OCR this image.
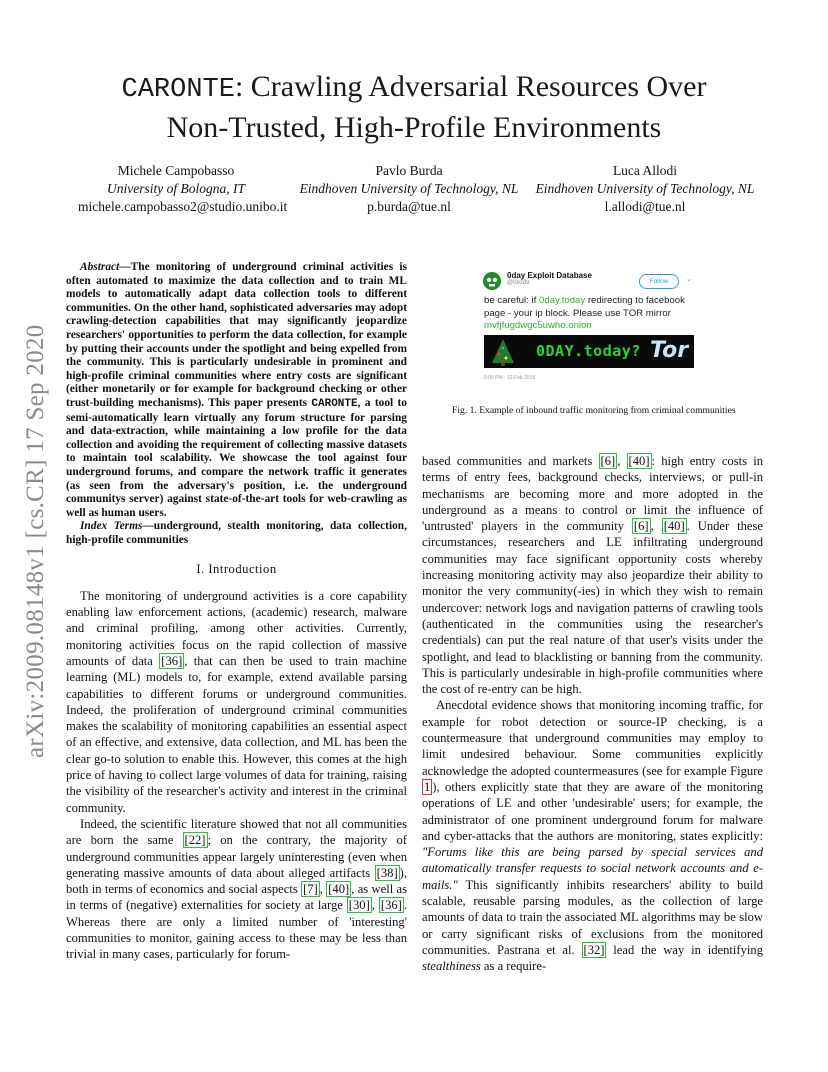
CARONTE: Crawling Adversarial Resources Over
Non-Trusted, High-Profile Environments
Michele Campobasso
University of Bologna, IT
michele.campobasso2@studio.unibo.it
Pavlo Burda
Eindhoven University of Technology, NL
p.burda@tue.nl
Luca Allodi
Eindhoven University of Technology, NL
l.allodi@tue.nl
arXiv:2009.08148v1 [cs.CR] 17 Sep 2020

Abstract—The monitoring of underground criminal activities is often automated to maximize the data collection and to train ML models to automatically adapt data collection tools to different communities. On the other hand, sophisticated adversaries may adopt crawling-detection capabilities that may significantly jeopardize researchers' opportunities to perform the data collection, for example by putting their accounts under the spotlight and being expelled from the community. This is particularly undesirable in prominent and high-profile criminal communities where entry costs are significant (either monetarily or for example for background checking or other trust-building mechanisms). This paper presents CARONTE, a tool to semi-automatically learn virtually any forum structure for parsing and data-extraction, while maintaining a low profile for the data collection and avoiding the requirement of collecting massive datasets to maintain tool scalability. We showcase the tool against four underground forums, and compare the network traffic it generates (as seen from the adversary's position, i.e. the underground communitys server) against state-of-the-art tools for web-crawling as well as human users.

Index Terms—underground, stealth monitoring, data collection, high-profile communities

I. Introduction

The monitoring of underground activities is a core capability enabling law enforcement actions, (academic) research, malware and criminal profiling, among other activities. Currently, monitoring activities focus on the rapid collection of massive amounts of data [36] , that can then be used to train machine learning (ML) models to, for example, extend available parsing capabilities to different forums or underground communities. Indeed, the proliferation of underground criminal communities makes the scalability of monitoring capabilities an essential aspect of an effective, and extensive, data collection, and ML has been the clear go-to solution to enable this. However, this comes at the high price of having to collect large volumes of data for training, raising the visibility of the researcher's activity and interest in the criminal community.

Indeed, the scientific literature showed that not all communities are born the same [22] ; on the contrary, the majority of underground communities appear largely uninteresting (even when generating massive amounts of data about alleged artifacts [38] ), both in terms of economics and social aspects [7] , [40] , as well as in terms of (negative) externalities for society at large [30] , [36] . Whereas there are only a limited number of 'interesting' communities to monitor, gaining access to these may be less than trivial in many cases, particularly for forum-

0day Exploit Database
@0x0d9	Follow	⌄
be careful: if 0day.today redirecting to facebook page - your ip block. Please use TOR mirror mvfjfugdwgc5uwho.onion
0DAY.today? Tor
6:05 PM - 12 Feb 2018
Fig. 1. Example of inbound traffic monitoring from criminal communities

based communities and markets [6] , [40] : high entry costs in terms of entry fees, background checks, interviews, or pull-in mechanisms are becoming more and more adopted in the underground as a means to control or limit the influence of 'untrusted' players in the community [6] , [40] . Under these circumstances, researchers and LE infiltrating underground communities may face significant opportunity costs whereby increasing monitoring activity may also jeopardize their ability to monitor the very community(-ies) in which they wish to remain undercover: network logs and navigation patterns of crawling tools (authenticated in the communities using the researcher's credentials) can put the real nature of that user's visits under the spotlight, and lead to blacklisting or banning from the community. This is particularly undesirable in high-profile communities where the cost of re-entry can be high.

Anecdotal evidence shows that monitoring incoming traffic, for example for robot detection or source-IP checking, is a countermeasure that underground communities may employ to limit undesired behaviour. Some communities explicitly acknowledge the adopted countermeasures (see for example Figure 1 ), others explicitly state that they are aware of the monitoring operations of LE and other 'undesirable' users; for example, the administrator of one prominent underground forum for malware and cyber-attacks that the authors are monitoring, states explicitly: "Forums like this are being parsed by special services and automatically transfer requests to social network accounts and e-mails." This significantly inhibits researchers' ability to build scalable, reusable parsing modules, as the collection of large amounts of data to train the associated ML algorithms may be slow or carry significant risks of exclusions from the monitored communities. Pastrana et al. [32] lead the way in identifying stealthiness as a require-
